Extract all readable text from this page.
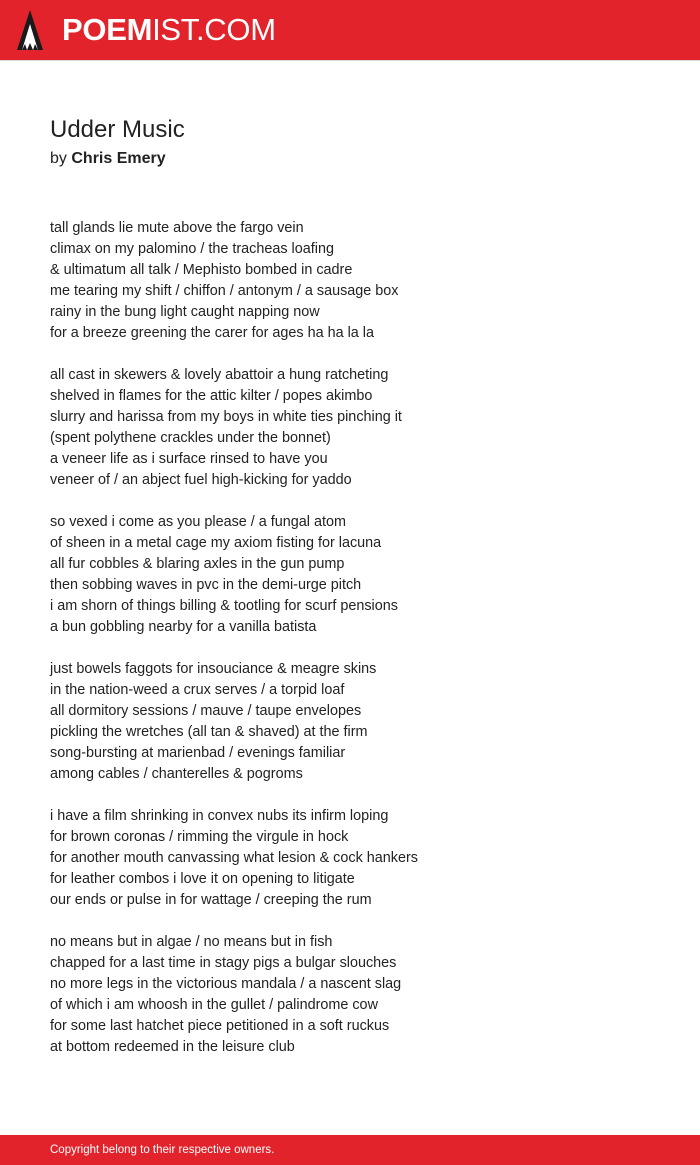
POEMIST.COM
Udder Music
by Chris Emery
tall glands lie mute above the fargo vein
climax on my palomino / the tracheas loafing
& ultimatum all talk / Mephisto bombed in cadre
me tearing my shift / chiffon / antonym / a sausage box
rainy in the bung light caught napping now
for a breeze greening the carer for ages ha ha la la
all cast in skewers & lovely abattoir a hung ratcheting
shelved in flames for the attic kilter / popes akimbo
slurry and harissa from my boys in white ties pinching it
(spent polythene crackles under the bonnet)
a veneer life as i surface rinsed to have you
veneer of / an abject fuel high-kicking for yaddo
so vexed i come as you please / a fungal atom
of sheen in a metal cage my axiom fisting for lacuna
all fur cobbles & blaring axles in the gun pump
then sobbing waves in pvc in the demi-urge pitch
i am shorn of things billing & tootling for scurf pensions
a bun gobbling nearby for a vanilla batista
just bowels faggots for insouciance & meagre skins
in the nation-weed a crux serves / a torpid loaf
all dormitory sessions / mauve / taupe envelopes
pickling the wretches (all tan & shaved) at the firm
song-bursting at marienbad / evenings familiar
among cables / chanterelles & pogroms
i have a film shrinking in convex nubs its infirm loping
for brown coronas / rimming the virgule in hock
for another mouth canvassing what lesion & cock hankers
for leather combos i love it on opening to litigate
our ends or pulse in for wattage / creeping the rum
no means but in algae / no means but in fish
chapped for a last time in stagy pigs a bulgar slouches
no more legs in the victorious mandala / a nascent slag
of which i am whoosh in the gullet / palindrome cow
for some last hatchet piece petitioned in a soft ruckus
at bottom redeemed in the leisure club
Copyright belong to their respective owners.
